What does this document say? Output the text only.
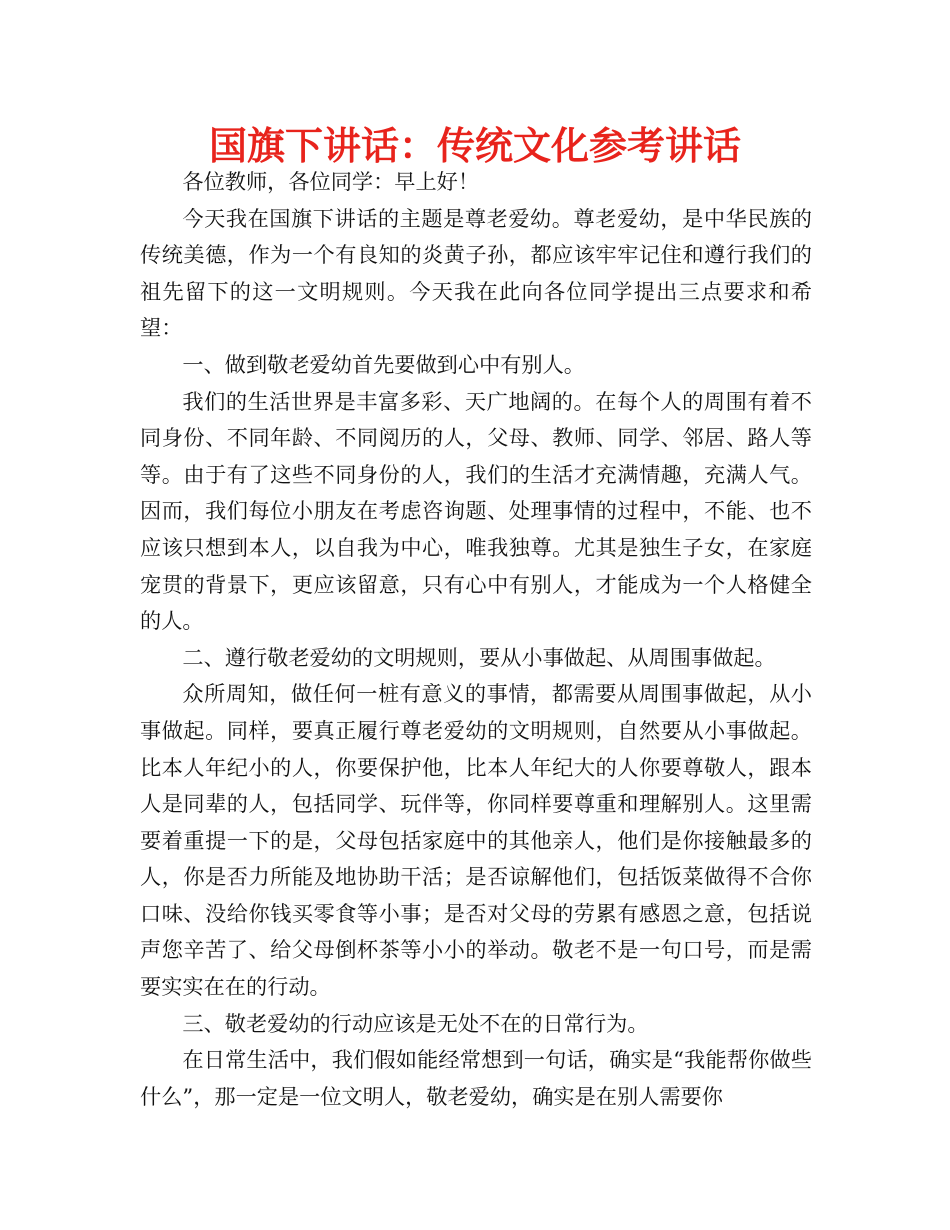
国旗下讲话：传统文化参考讲话

各位教师，各位同学：早上好！

今天我在国旗下讲话的主题是尊老爱幼。尊老爱幼，是中华民族的传统美德，作为一个有良知的炎黄子孙，都应该牢牢记住和遵行我们的祖先留下的这一文明规则。今天我在此向各位同学提出三点要求和希望：

一、做到敬老爱幼首先要做到心中有别人。

我们的生活世界是丰富多彩、天广地阔的。在每个人的周围有着不同身份、不同年龄、不同阅历的人，父母、教师、同学、邻居、路人等等。由于有了这些不同身份的人，我们的生活才充满情趣，充满人气。因而，我们每位小朋友在考虑咨询题、处理事情的过程中，不能、也不应该只想到本人，以自我为中心，唯我独尊。尤其是独生子女，在家庭宠贯的背景下，更应该留意，只有心中有别人，才能成为一个人格健全的人。

二、遵行敬老爱幼的文明规则，要从小事做起、从周围事做起。

众所周知，做任何一桩有意义的事情，都需要从周围事做起，从小事做起。同样，要真正履行尊老爱幼的文明规则，自然要从小事做起。比本人年纪小的人，你要保护他，比本人年纪大的人你要尊敬人，跟本人是同辈的人，包括同学、玩伴等，你同样要尊重和理解别人。这里需要着重提一下的是，父母包括家庭中的其他亲人，他们是你接触最多的人，你是否力所能及地协助干活；是否谅解他们，包括饭菜做得不合你口味、没给你钱买零食等小事；是否对父母的劳累有感恩之意，包括说声您辛苦了、给父母倒杯茶等小小的举动。敬老不是一句口号，而是需要实实在在的行动。

三、敬老爱幼的行动应该是无处不在的日常行为。

在日常生活中，我们假如能经常想到一句话，确实是“我能帮你做些什么”，那一定是一位文明人，敬老爱幼，确实是在别人需要你
